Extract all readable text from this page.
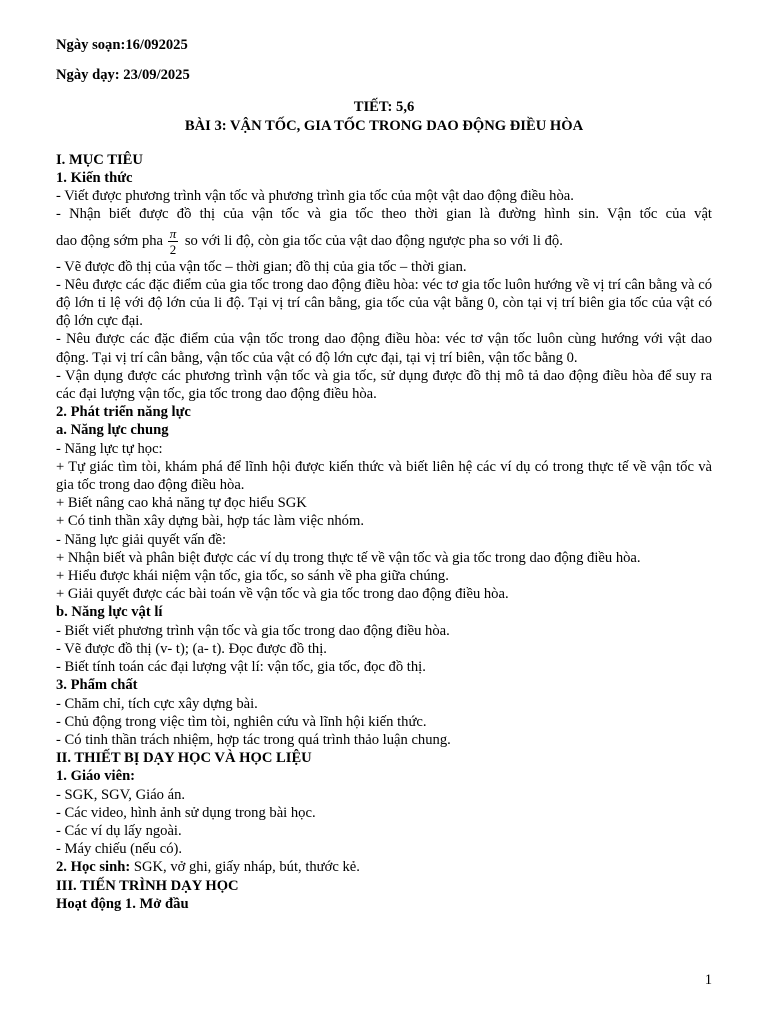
Ngày soạn:16/092025

Ngày dạy: 23/09/2025

TIẾT: 5,6

BÀI 3: VẬN TỐC, GIA TỐC TRONG DAO ĐỘNG ĐIỀU HÒA

I. MỤC TIÊU

1. Kiến thức

- Viết được phương trình vận tốc và phương trình gia tốc của một vật dao động điều hòa.

- Nhận biết được đồ thị của vận tốc và gia tốc theo thời gian là đường hình sin. Vận tốc của vật

dao động sớm pha $\frac{\pi}{2}$ so với li độ, còn gia tốc của vật dao động ngược pha so với li độ.

- Vẽ được đồ thị của vận tốc – thời gian; đồ thị của gia tốc – thời gian.

- Nêu được các đặc điểm của gia tốc trong dao động điều hòa: véc tơ gia tốc luôn hướng về vị trí cân bằng và có độ lớn tỉ lệ với độ lớn của li độ. Tại vị trí cân bằng, gia tốc của vật bằng 0, còn tại vị trí biên gia tốc của vật có độ lớn cực đại.

- Nêu được các đặc điểm của vận tốc trong dao động điều hòa: véc tơ vận tốc luôn cùng hướng với vật dao động. Tại vị trí cân bằng, vận tốc của vật có độ lớn cực đại, tại vị trí biên, vận tốc bằng 0.

- Vận dụng được các phương trình vận tốc và gia tốc, sử dụng được đồ thị mô tả dao động điều hòa để suy ra các đại lượng vận tốc, gia tốc trong dao động điều hòa.

2. Phát triển năng lực

a. Năng lực chung

- Năng lực tự học:

+ Tự giác tìm tòi, khám phá để lĩnh hội được kiến thức và biết liên hệ các ví dụ có trong thực tế về vận tốc và gia tốc trong dao động điều hòa.

+ Biết nâng cao khả năng tự đọc hiểu SGK

+ Có tinh thần xây dựng bài, hợp tác làm việc nhóm.

- Năng lực giải quyết vấn đề:

+ Nhận biết và phân biệt được các ví dụ trong thực tế về vận tốc và gia tốc trong dao động điều hòa.

+ Hiểu được khái niệm vận tốc, gia tốc, so sánh về pha giữa chúng.

+ Giải quyết được các bài toán về vận tốc và gia tốc trong dao động điều hòa.

b. Năng lực vật lí

- Biết viết phương trình vận tốc và gia tốc trong dao động điều hòa.

- Vẽ được đồ thị (v- t); (a- t). Đọc được đồ thị.

- Biết tính toán các đại lượng vật lí: vận tốc, gia tốc, đọc đồ thị.

3. Phẩm chất

- Chăm chỉ, tích cực xây dựng bài.

- Chủ động trong việc tìm tòi, nghiên cứu và lĩnh hội kiến thức.

- Có tinh thần trách nhiệm, hợp tác trong quá trình thảo luận chung.

II. THIẾT BỊ DẠY HỌC VÀ HỌC LIỆU

1. Giáo viên:

- SGK, SGV, Giáo án.

- Các video, hình ảnh sử dụng trong bài học.

- Các ví dụ lấy ngoài.

- Máy chiếu (nếu có).

2. Học sinh: SGK, vở ghi, giấy nháp, bút, thước kẻ.

III. TIẾN TRÌNH DẠY HỌC

Hoạt động 1. Mở đầu

1
